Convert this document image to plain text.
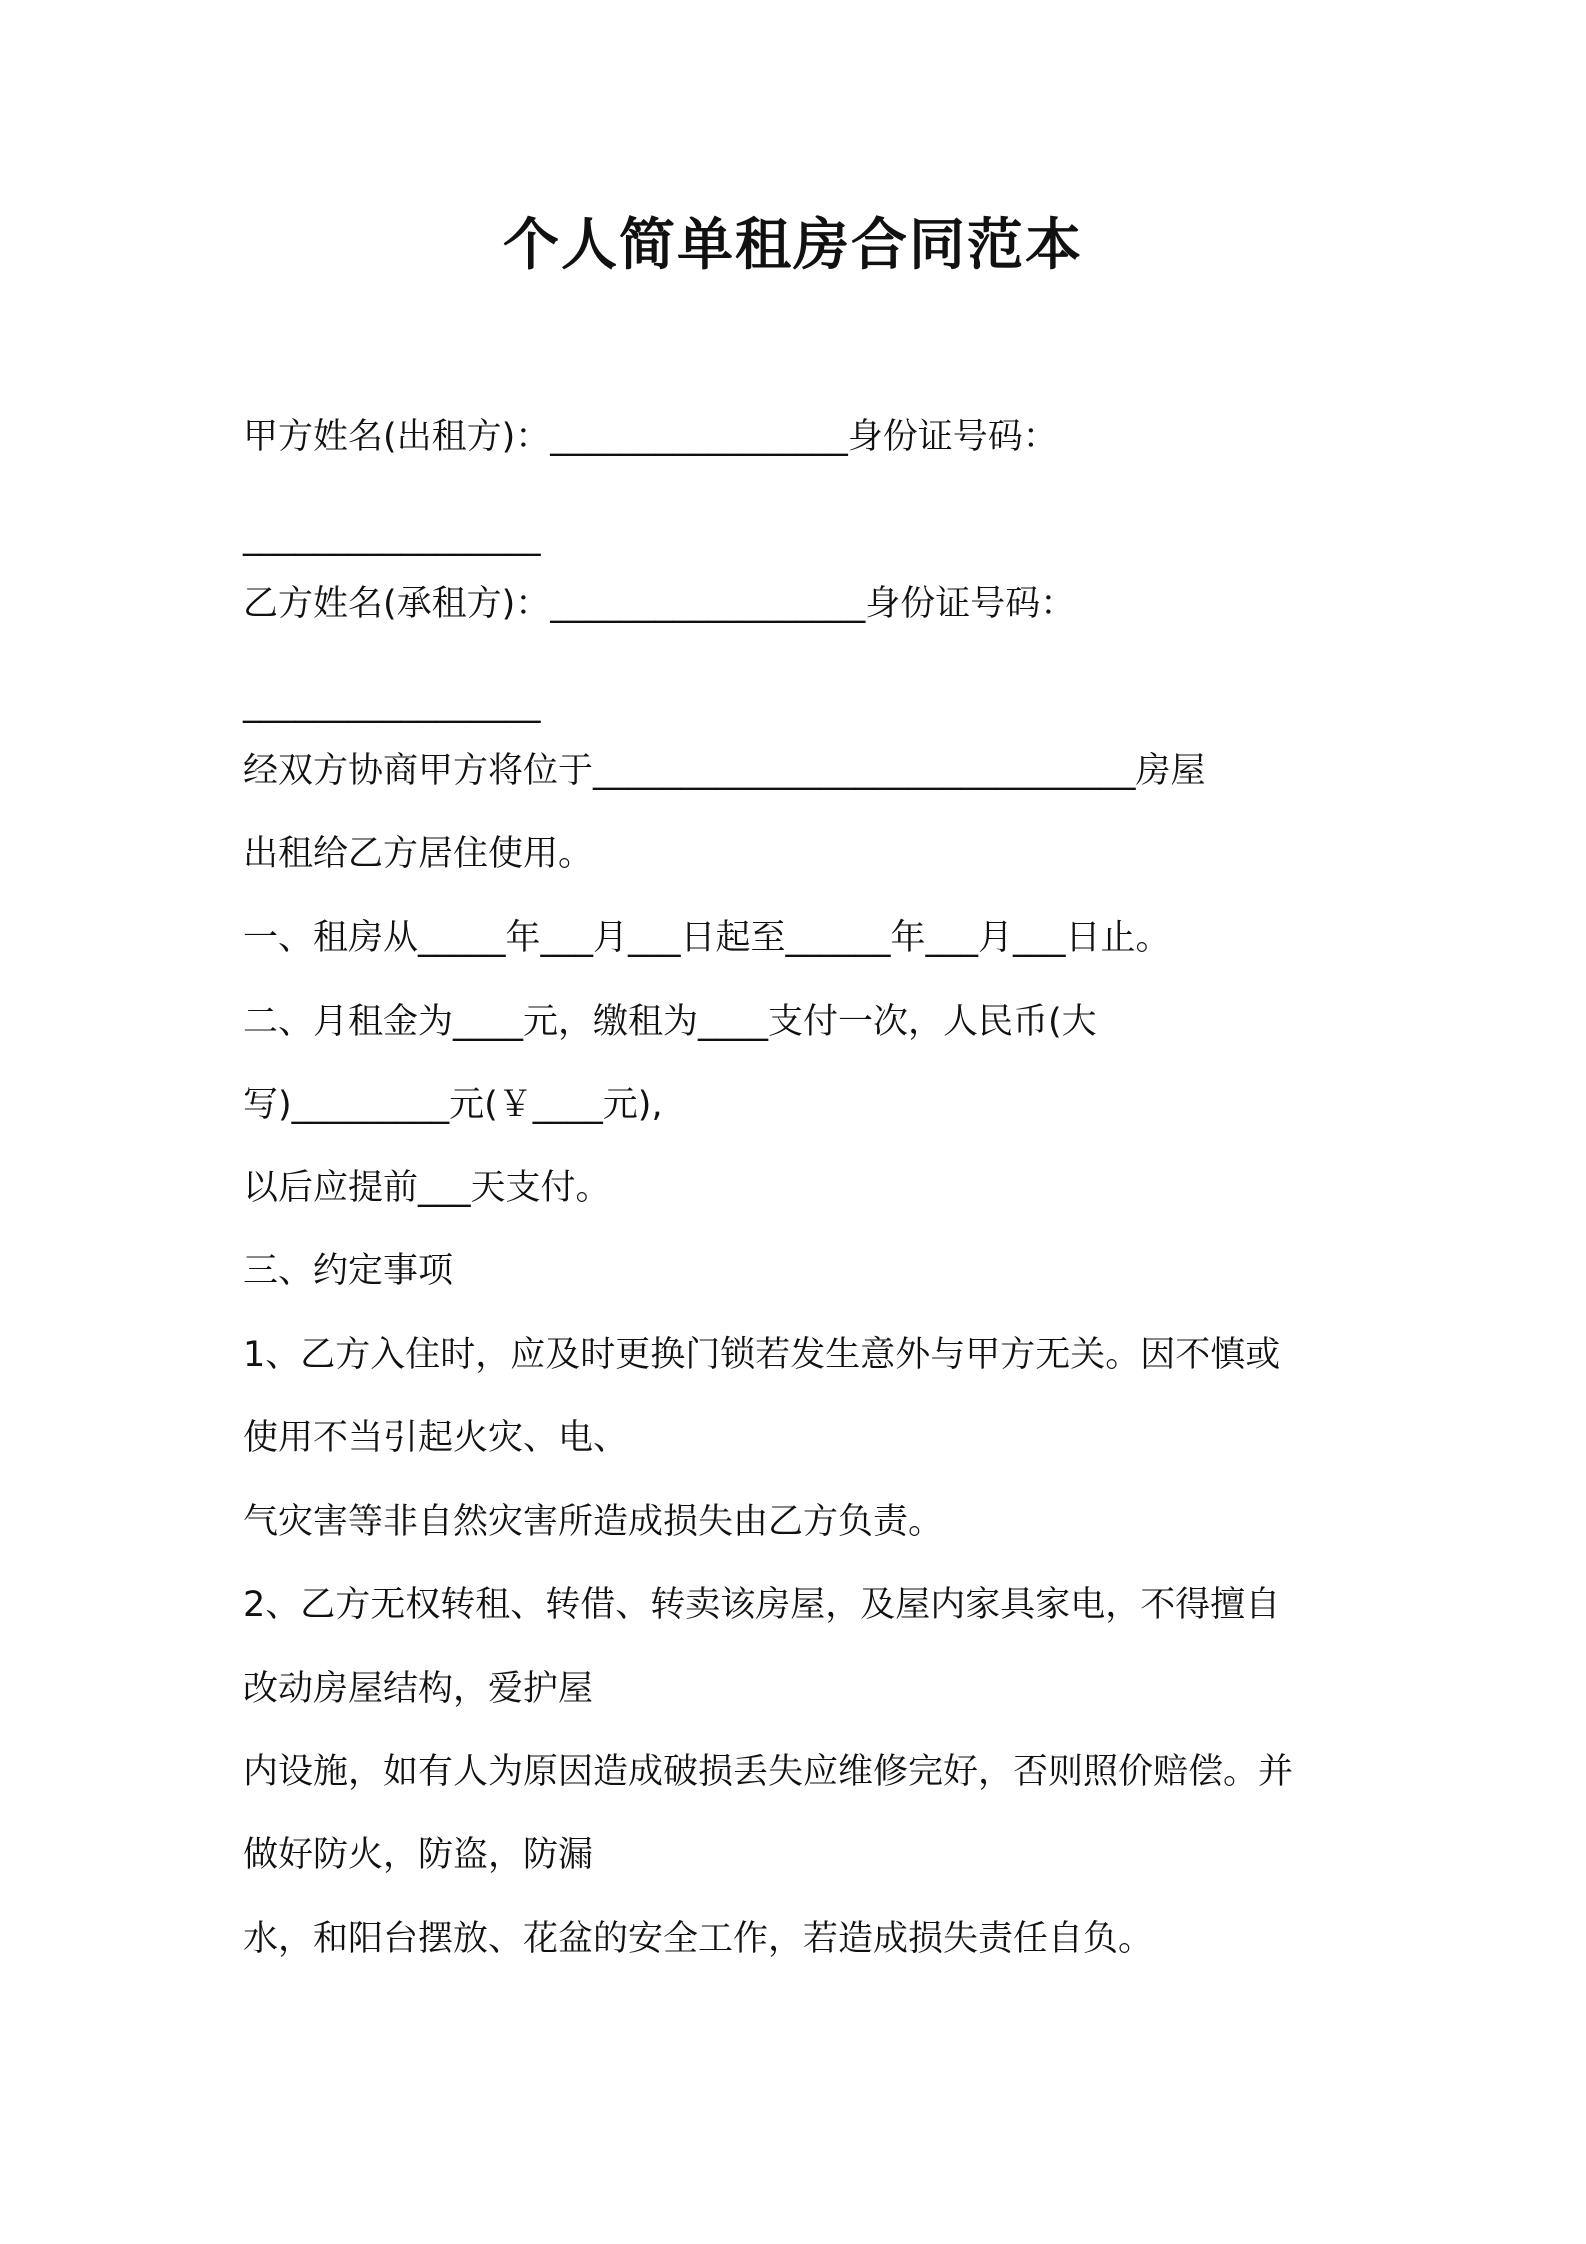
个人简单租房合同范本
甲方姓名(出租方)：_________________身份证号码：
_________________
乙方姓名(承租方)：__________________身份证号码：
_________________
经双方协商甲方将位于_______________________________房屋
出租给乙方居住使用。
一、租房从_____年___月___日起至______年___月___日止。
二、月租金为____元，缴租为____支付一次，人民币(大
写)_________元(￥____元),
以后应提前___天支付。
三、约定事项
1、乙方入住时，应及时更换门锁若发生意外与甲方无关。因不慎或
使用不当引起火灾、电、
气灾害等非自然灾害所造成损失由乙方负责。
2、乙方无权转租、转借、转卖该房屋，及屋内家具家电，不得擅自
改动房屋结构，爱护屋
内设施，如有人为原因造成破损丢失应维修完好，否则照价赔偿。并
做好防火，防盗，防漏
水，和阳台摆放、花盆的安全工作，若造成损失责任自负。
